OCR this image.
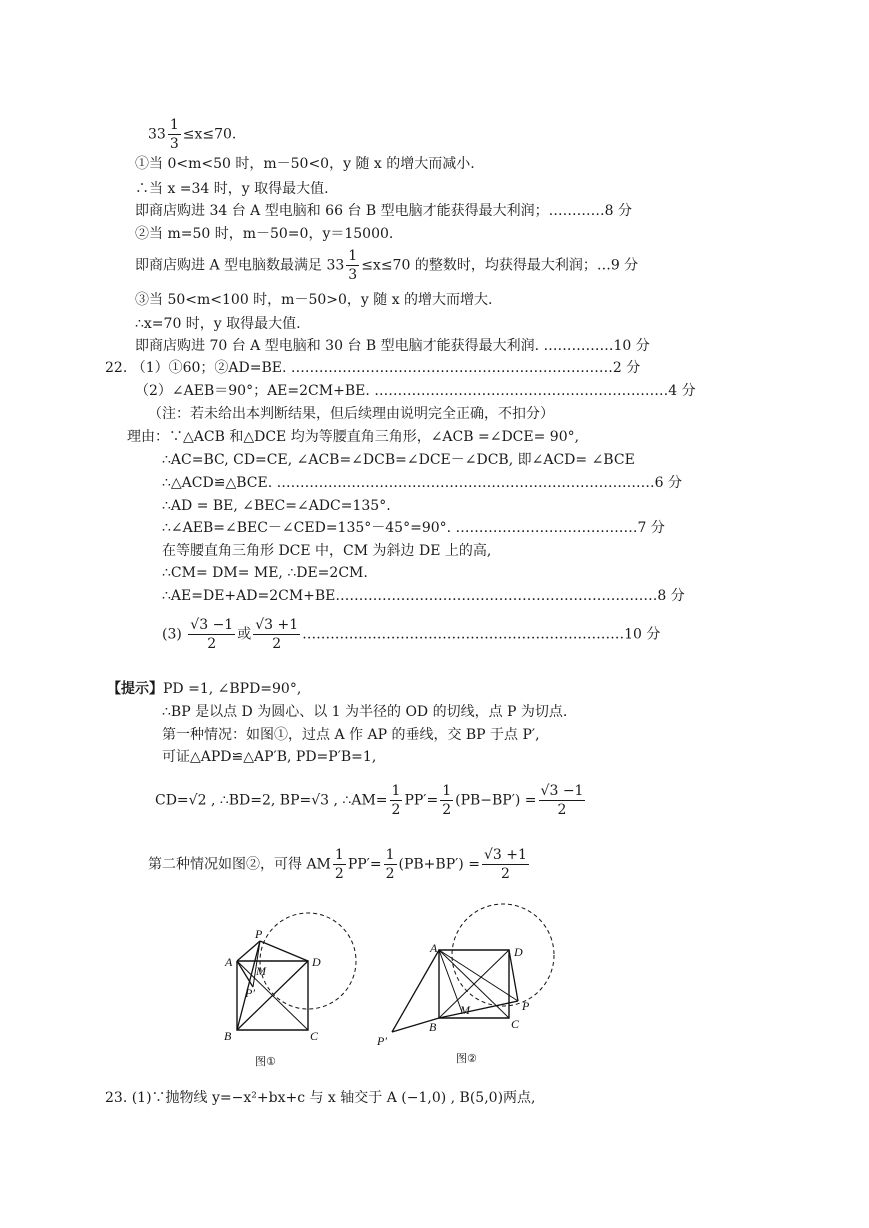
$33 \frac{1}{3} \le x\le 70$.
①当 0<m<50 时，m－50<0，y 随 x 的增大而减小.
∴当 x =34 时，y 取得最大值.
即商店购进 34 台 A 型电脑和 66 台 B 型电脑才能获得最大利润；…………8 分
②当 m=50 时，m－50=0，y＝15000.
即商店购进 A 型电脑数最满足 $33 \frac{1}{3} \le x\le 70$ 的整数时，均获得最大利润；…9 分
③当 50<m<100 时，m－50>0，y 随 x 的增大而增大.
∴x=70 时，y 取得最大值.
即商店购进 70 台 A 型电脑和 30 台 B 型电脑才能获得最大利润. ……………10 分
22. （1）①60；②AD=BE. ……………………………………………………………2 分
（2）∠AEB＝90°；AE=2CM+BE. ………………………………………………………4 分
（注：若未给出本判断结果，但后续理由说明完全正确，不扣分）
理由：∵△ACB 和△DCE 均为等腰直角三角形，∠ACB =∠DCE= 90°,
∴AC=BC, CD=CE, ∠ACB=∠DCB=∠DCE－∠DCB, 即∠ACD= ∠BCE
∴△ACD≌△BCE. ………………………………………………………………………6 分
∴AD = BE, ∠BEC=∠ADC=135°.
∴∠AEB=∠BEC－∠CED=135°－45°=90°. …………………………………7 分
在等腰直角三角形 DCE 中，CM 为斜边 DE 上的高,
∴CM= DM= ME, ∴DE=2CM.
∴AE=DE+AD=2CM+BE……………………………………………………………8 分
$(3) \frac{√3 -1}{2}$ 或 $\frac{√3 +1}{2}$ ……………………………………………………………10 分
【提示】PD =1, ∠BPD=90°,
∴BP 是以点 D 为圆心、以 1 为半径的 OD 的切线，点 P 为切点.
第一种情况：如图①，过点 A 作 AP 的垂线，交 BP 于点 P′,
可证△APD≌△AP′B, PD=P′B=1,
CD=√2 , ∴BD=2, BP=√3 , ∴AM= $\frac{1}{2} PP'= \frac{1}{2} (PB-BP') = \frac{√3 -1}{2}$
第二种情况如图②，可得 AM $\frac{1}{2} PP'= \frac{1}{2} (PB+BP') = \frac{√3 +1}{2}$
A
P
M
P′
D
B	C
图①
A	D
M	P
B	C
P′
图②
23. (1)∵抛物线 y=−x²+bx+c 与 x 轴交于 A (−1,0) , B(5,0)两点,
